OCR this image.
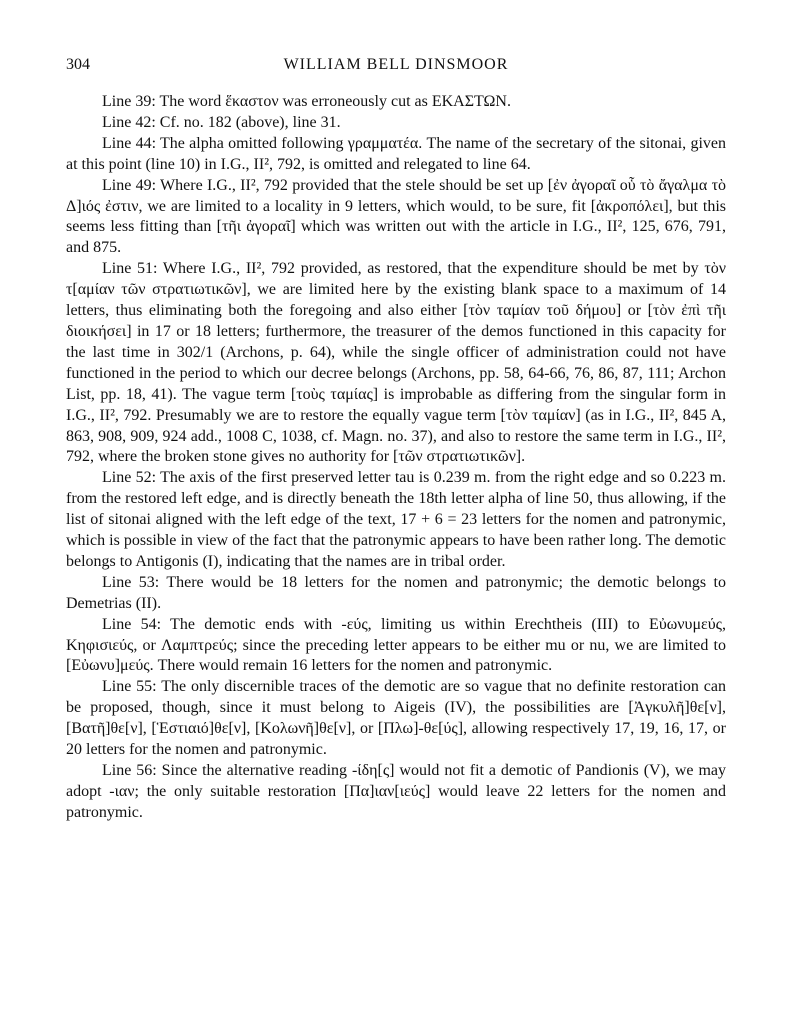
304	WILLIAM BELL DINSMOOR

Line 39: The word ἕκαστον was erroneously cut as ΕΚΑΣΤΩΝ.

Line 42: Cf. no. 182 (above), line 31.

Line 44: The alpha omitted following γραμματέα. The name of the secretary of the sitonai, given at this point (line 10) in I.G., II², 792, is omitted and relegated to line 64.

Line 49: Where I.G., II², 792 provided that the stele should be set up [ἐν ἀγοραῖ οὗ τὸ ἄγαλμα τὸ Δ]ιός ἐστιν, we are limited to a locality in 9 letters, which would, to be sure, fit [ἀκροπόλει], but this seems less fitting than [τῆι ἀγοραῖ] which was written out with the article in I.G., II², 125, 676, 791, and 875.

Line 51: Where I.G., II², 792 provided, as restored, that the expenditure should be met by τὸν τ[αμίαν τῶν στρατιωτικῶν], we are limited here by the existing blank space to a maximum of 14 letters, thus eliminating both the foregoing and also either [τὸν ταμίαν τοῦ δήμου] or [τὸν ἐπὶ τῆι διοικήσει] in 17 or 18 letters; furthermore, the treasurer of the demos functioned in this capacity for the last time in 302/1 (Archons, p. 64), while the single officer of administration could not have functioned in the period to which our decree belongs (Archons, pp. 58, 64-66, 76, 86, 87, 111; Archon List, pp. 18, 41). The vague term [τοὺς ταμίας] is improbable as differing from the singular form in I.G., II², 792. Presumably we are to restore the equally vague term [τὸν ταμίαν] (as in I.G., II², 845 A, 863, 908, 909, 924 add., 1008 C, 1038, cf. Magn. no. 37), and also to restore the same term in I.G., II², 792, where the broken stone gives no authority for [τῶν στρατιωτικῶν].

Line 52: The axis of the first preserved letter tau is 0.239 m. from the right edge and so 0.223 m. from the restored left edge, and is directly beneath the 18th letter alpha of line 50, thus allowing, if the list of sitonai aligned with the left edge of the text, 17 + 6 = 23 letters for the nomen and patronymic, which is possible in view of the fact that the patronymic appears to have been rather long. The demotic belongs to Antigonis (I), indicating that the names are in tribal order.

Line 53: There would be 18 letters for the nomen and patronymic; the demotic belongs to Demetrias (II).

Line 54: The demotic ends with -εύς, limiting us within Erechtheis (III) to Εὐωνυμεύς, Κηφισιεύς, or Λαμπτρεύς; since the preceding letter appears to be either mu or nu, we are limited to [Εὐωνυ]μεύς. There would remain 16 letters for the nomen and patronymic.

Line 55: The only discernible traces of the demotic are so vague that no definite restoration can be proposed, though, since it must belong to Aigeis (IV), the possibilities are [Ἀγκυλῆ]θε[ν], [Βατῆ]θε[ν], [Ἑστιαιό]θε[ν], [Κολωνῆ]θε[ν], or [Πλω]-θε[ύς], allowing respectively 17, 19, 16, 17, or 20 letters for the nomen and patronymic.

Line 56: Since the alternative reading -ίδη[ς] would not fit a demotic of Pandionis (V), we may adopt -ιαν; the only suitable restoration [Πα]ιαν[ιεύς] would leave 22 letters for the nomen and patronymic.
